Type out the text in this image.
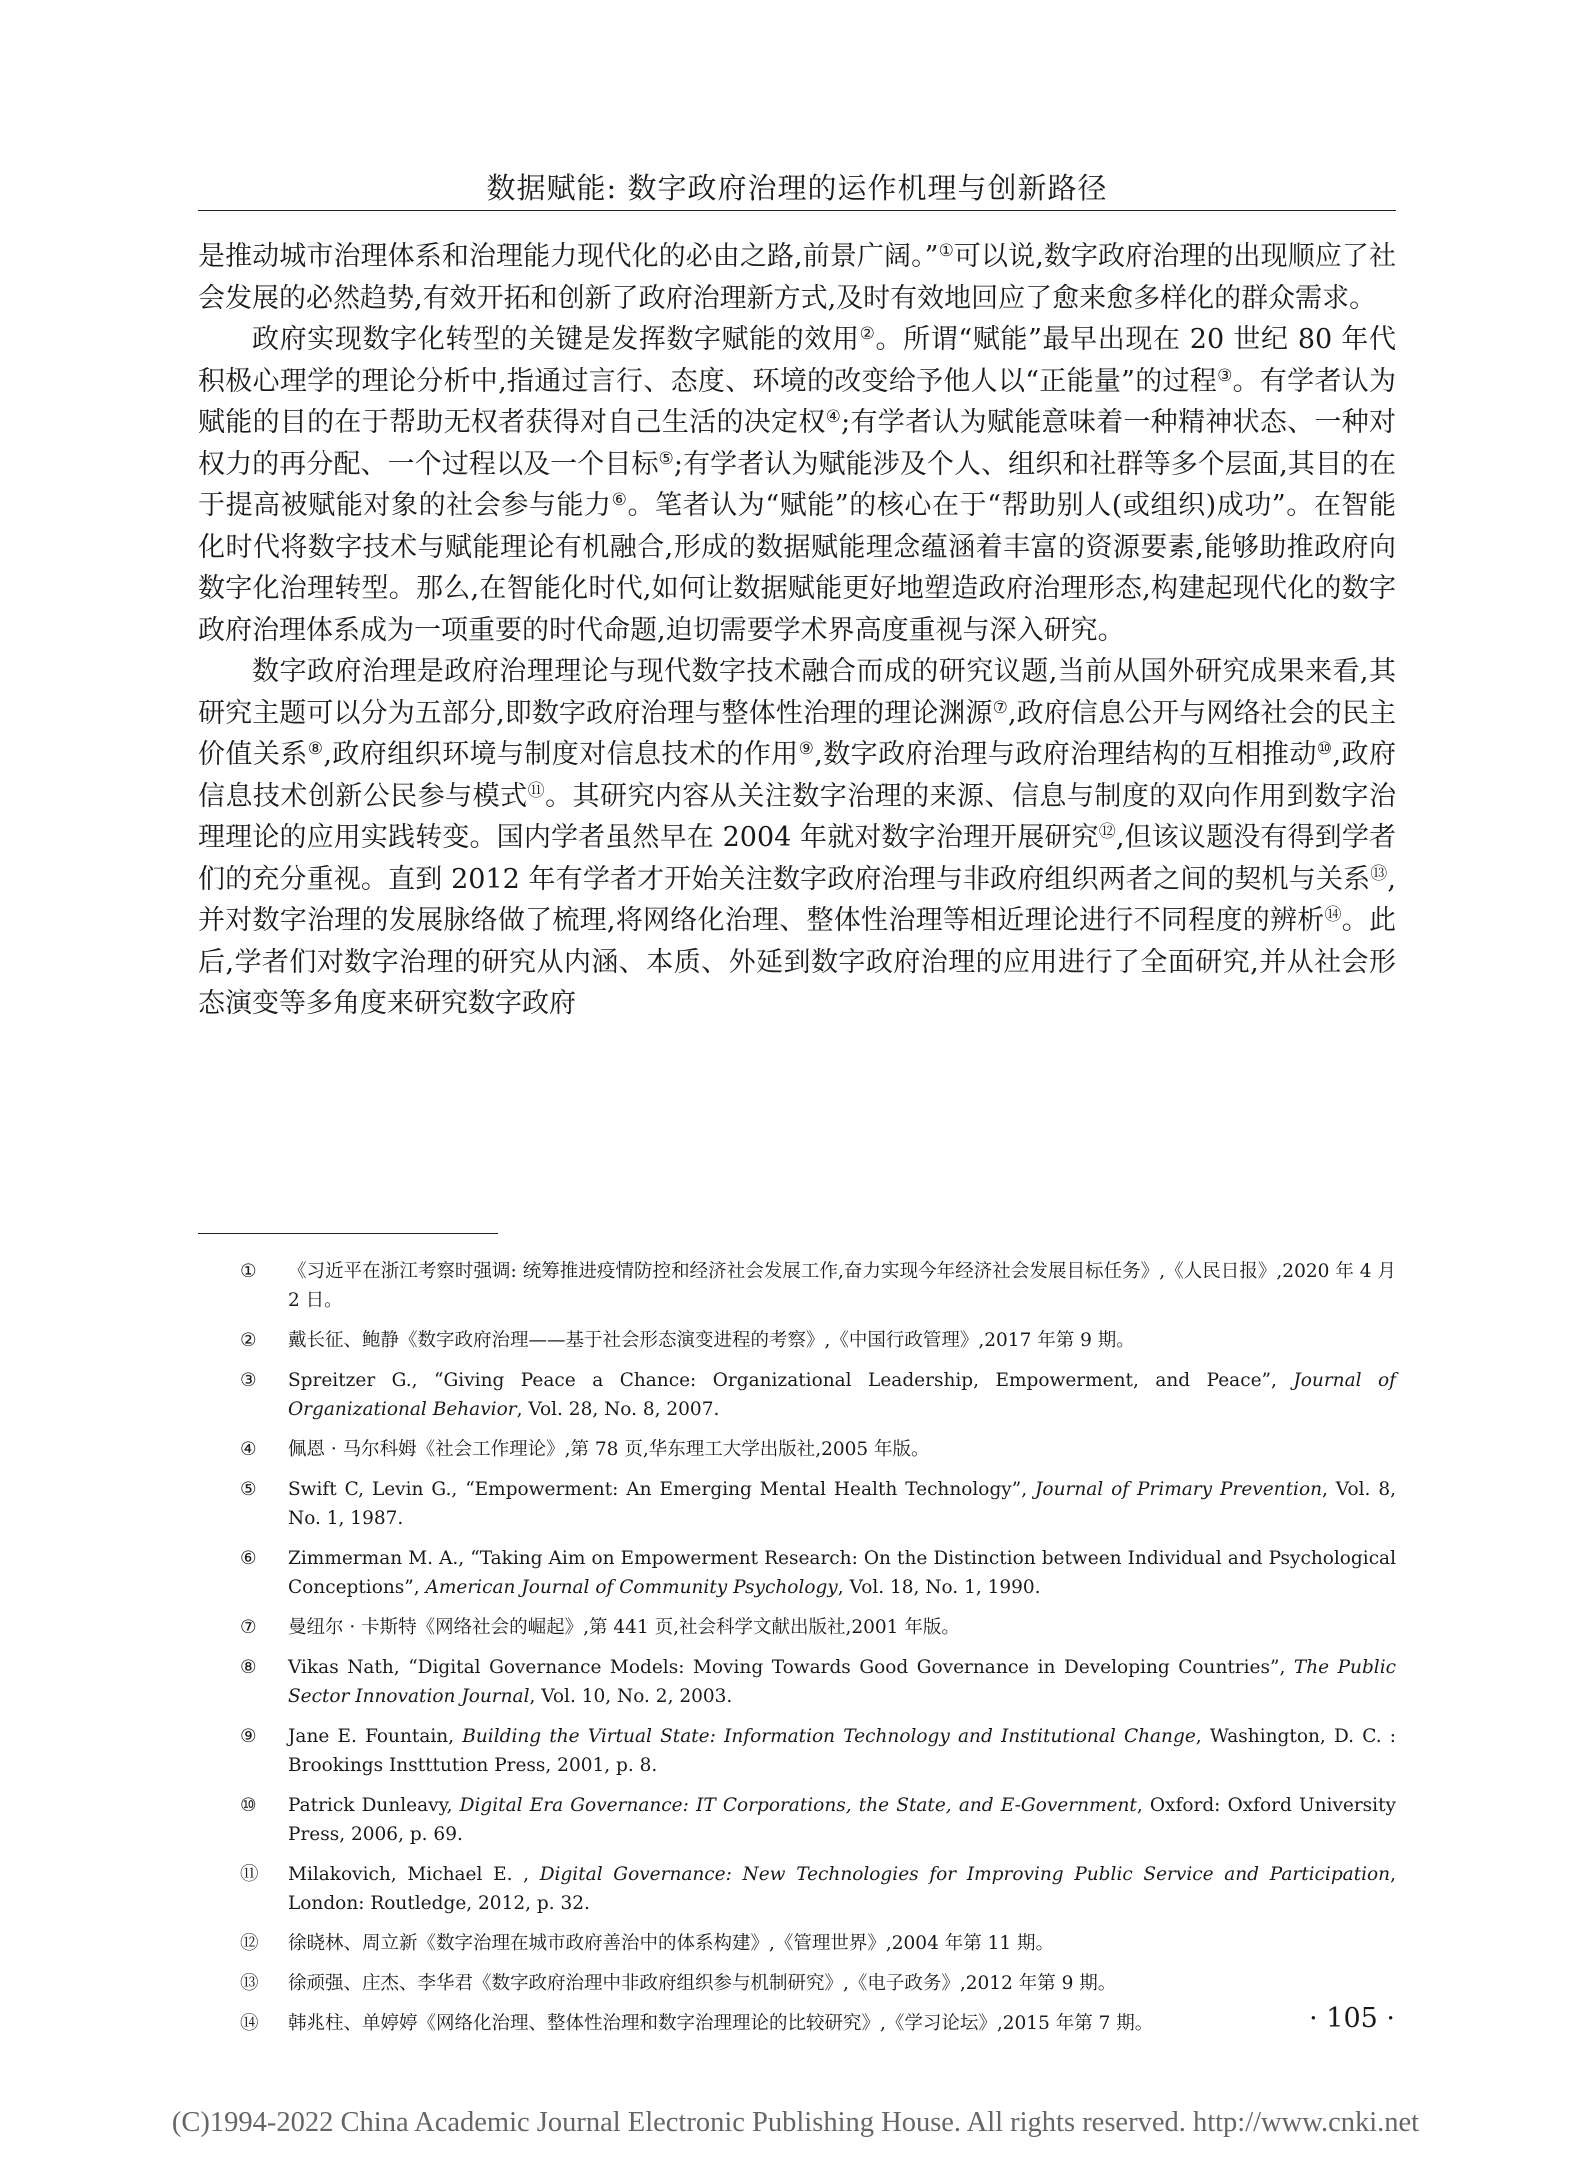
数据赋能: 数字政府治理的运作机理与创新路径

是推动城市治理体系和治理能力现代化的必由之路,前景广阔。”①可以说,数字政府治理的出现顺应了社会发展的必然趋势,有效开拓和创新了政府治理新方式,及时有效地回应了愈来愈多样化的群众需求。

政府实现数字化转型的关键是发挥数字赋能的效用②。所谓“赋能”最早出现在 20 世纪 80 年代积极心理学的理论分析中,指通过言行、态度、环境的改变给予他人以“正能量”的过程③。有学者认为赋能的目的在于帮助无权者获得对自己生活的决定权④;有学者认为赋能意味着一种精神状态、一种对权力的再分配、一个过程以及一个目标⑤;有学者认为赋能涉及个人、组织和社群等多个层面,其目的在于提高被赋能对象的社会参与能力⑥。笔者认为“赋能”的核心在于“帮助别人(或组织)成功”。在智能化时代将数字技术与赋能理论有机融合,形成的数据赋能理念蕴涵着丰富的资源要素,能够助推政府向数字化治理转型。那么,在智能化时代,如何让数据赋能更好地塑造政府治理形态,构建起现代化的数字政府治理体系成为一项重要的时代命题,迫切需要学术界高度重视与深入研究。

数字政府治理是政府治理理论与现代数字技术融合而成的研究议题,当前从国外研究成果来看,其研究主题可以分为五部分,即数字政府治理与整体性治理的理论渊源⑦,政府信息公开与网络社会的民主价值关系⑧,政府组织环境与制度对信息技术的作用⑨,数字政府治理与政府治理结构的互相推动⑩,政府信息技术创新公民参与模式⑪。其研究内容从关注数字治理的来源、信息与制度的双向作用到数字治理理论的应用实践转变。国内学者虽然早在 2004 年就对数字治理开展研究⑫,但该议题没有得到学者们的充分重视。直到 2012 年有学者才开始关注数字政府治理与非政府组织两者之间的契机与关系⑬,并对数字治理的发展脉络做了梳理,将网络化治理、整体性治理等相近理论进行不同程度的辨析⑭。此后,学者们对数字治理的研究从内涵、本质、外延到数字政府治理的应用进行了全面研究,并从社会形态演变等多角度来研究数字政府

① 《习近平在浙江考察时强调: 统筹推进疫情防控和经济社会发展工作,奋力实现今年经济社会发展目标任务》,《人民日报》,2020 年 4 月 2 日。
② 戴长征、鲍静《数字政府治理——基于社会形态演变进程的考察》,《中国行政管理》,2017 年第 9 期。
③ Spreitzer G., “Giving Peace a Chance: Organizational Leadership, Empowerment, and Peace”, Journal of Organizational Behavior, Vol. 28, No. 8, 2007.
④ 佩恩 · 马尔科姆《社会工作理论》,第 78 页,华东理工大学出版社,2005 年版。
⑤ Swift C, Levin G., “Empowerment: An Emerging Mental Health Technology”, Journal of Primary Prevention, Vol. 8, No. 1, 1987.
⑥ Zimmerman M. A., “Taking Aim on Empowerment Research: On the Distinction between Individual and Psychological Conceptions”, American Journal of Community Psychology, Vol. 18, No. 1, 1990.
⑦ 曼纽尔 · 卡斯特《网络社会的崛起》,第 441 页,社会科学文献出版社,2001 年版。
⑧ Vikas Nath, “Digital Governance Models: Moving Towards Good Governance in Developing Countries”, The Public Sector Innovation Journal, Vol. 10, No. 2, 2003.
⑨ Jane E. Fountain, Building the Virtual State: Information Technology and Institutional Change, Washington, D. C. : Brookings Instttution Press, 2001, p. 8.
⑩ Patrick Dunleavy, Digital Era Governance: IT Corporations, the State, and E-Government, Oxford: Oxford University Press, 2006, p. 69.
⑪ Milakovich, Michael E. , Digital Governance: New Technologies for Improving Public Service and Participation, London: Routledge, 2012, p. 32.
⑫ 徐晓林、周立新《数字治理在城市政府善治中的体系构建》,《管理世界》,2004 年第 11 期。
⑬ 徐顽强、庄杰、李华君《数字政府治理中非政府组织参与机制研究》,《电子政务》,2012 年第 9 期。
⑭ 韩兆柱、单婷婷《网络化治理、整体性治理和数字治理理论的比较研究》,《学习论坛》,2015 年第 7 期。	· 105 ·
(C)1994-2022 China Academic Journal Electronic Publishing House. All rights reserved. http://www.cnki.net
